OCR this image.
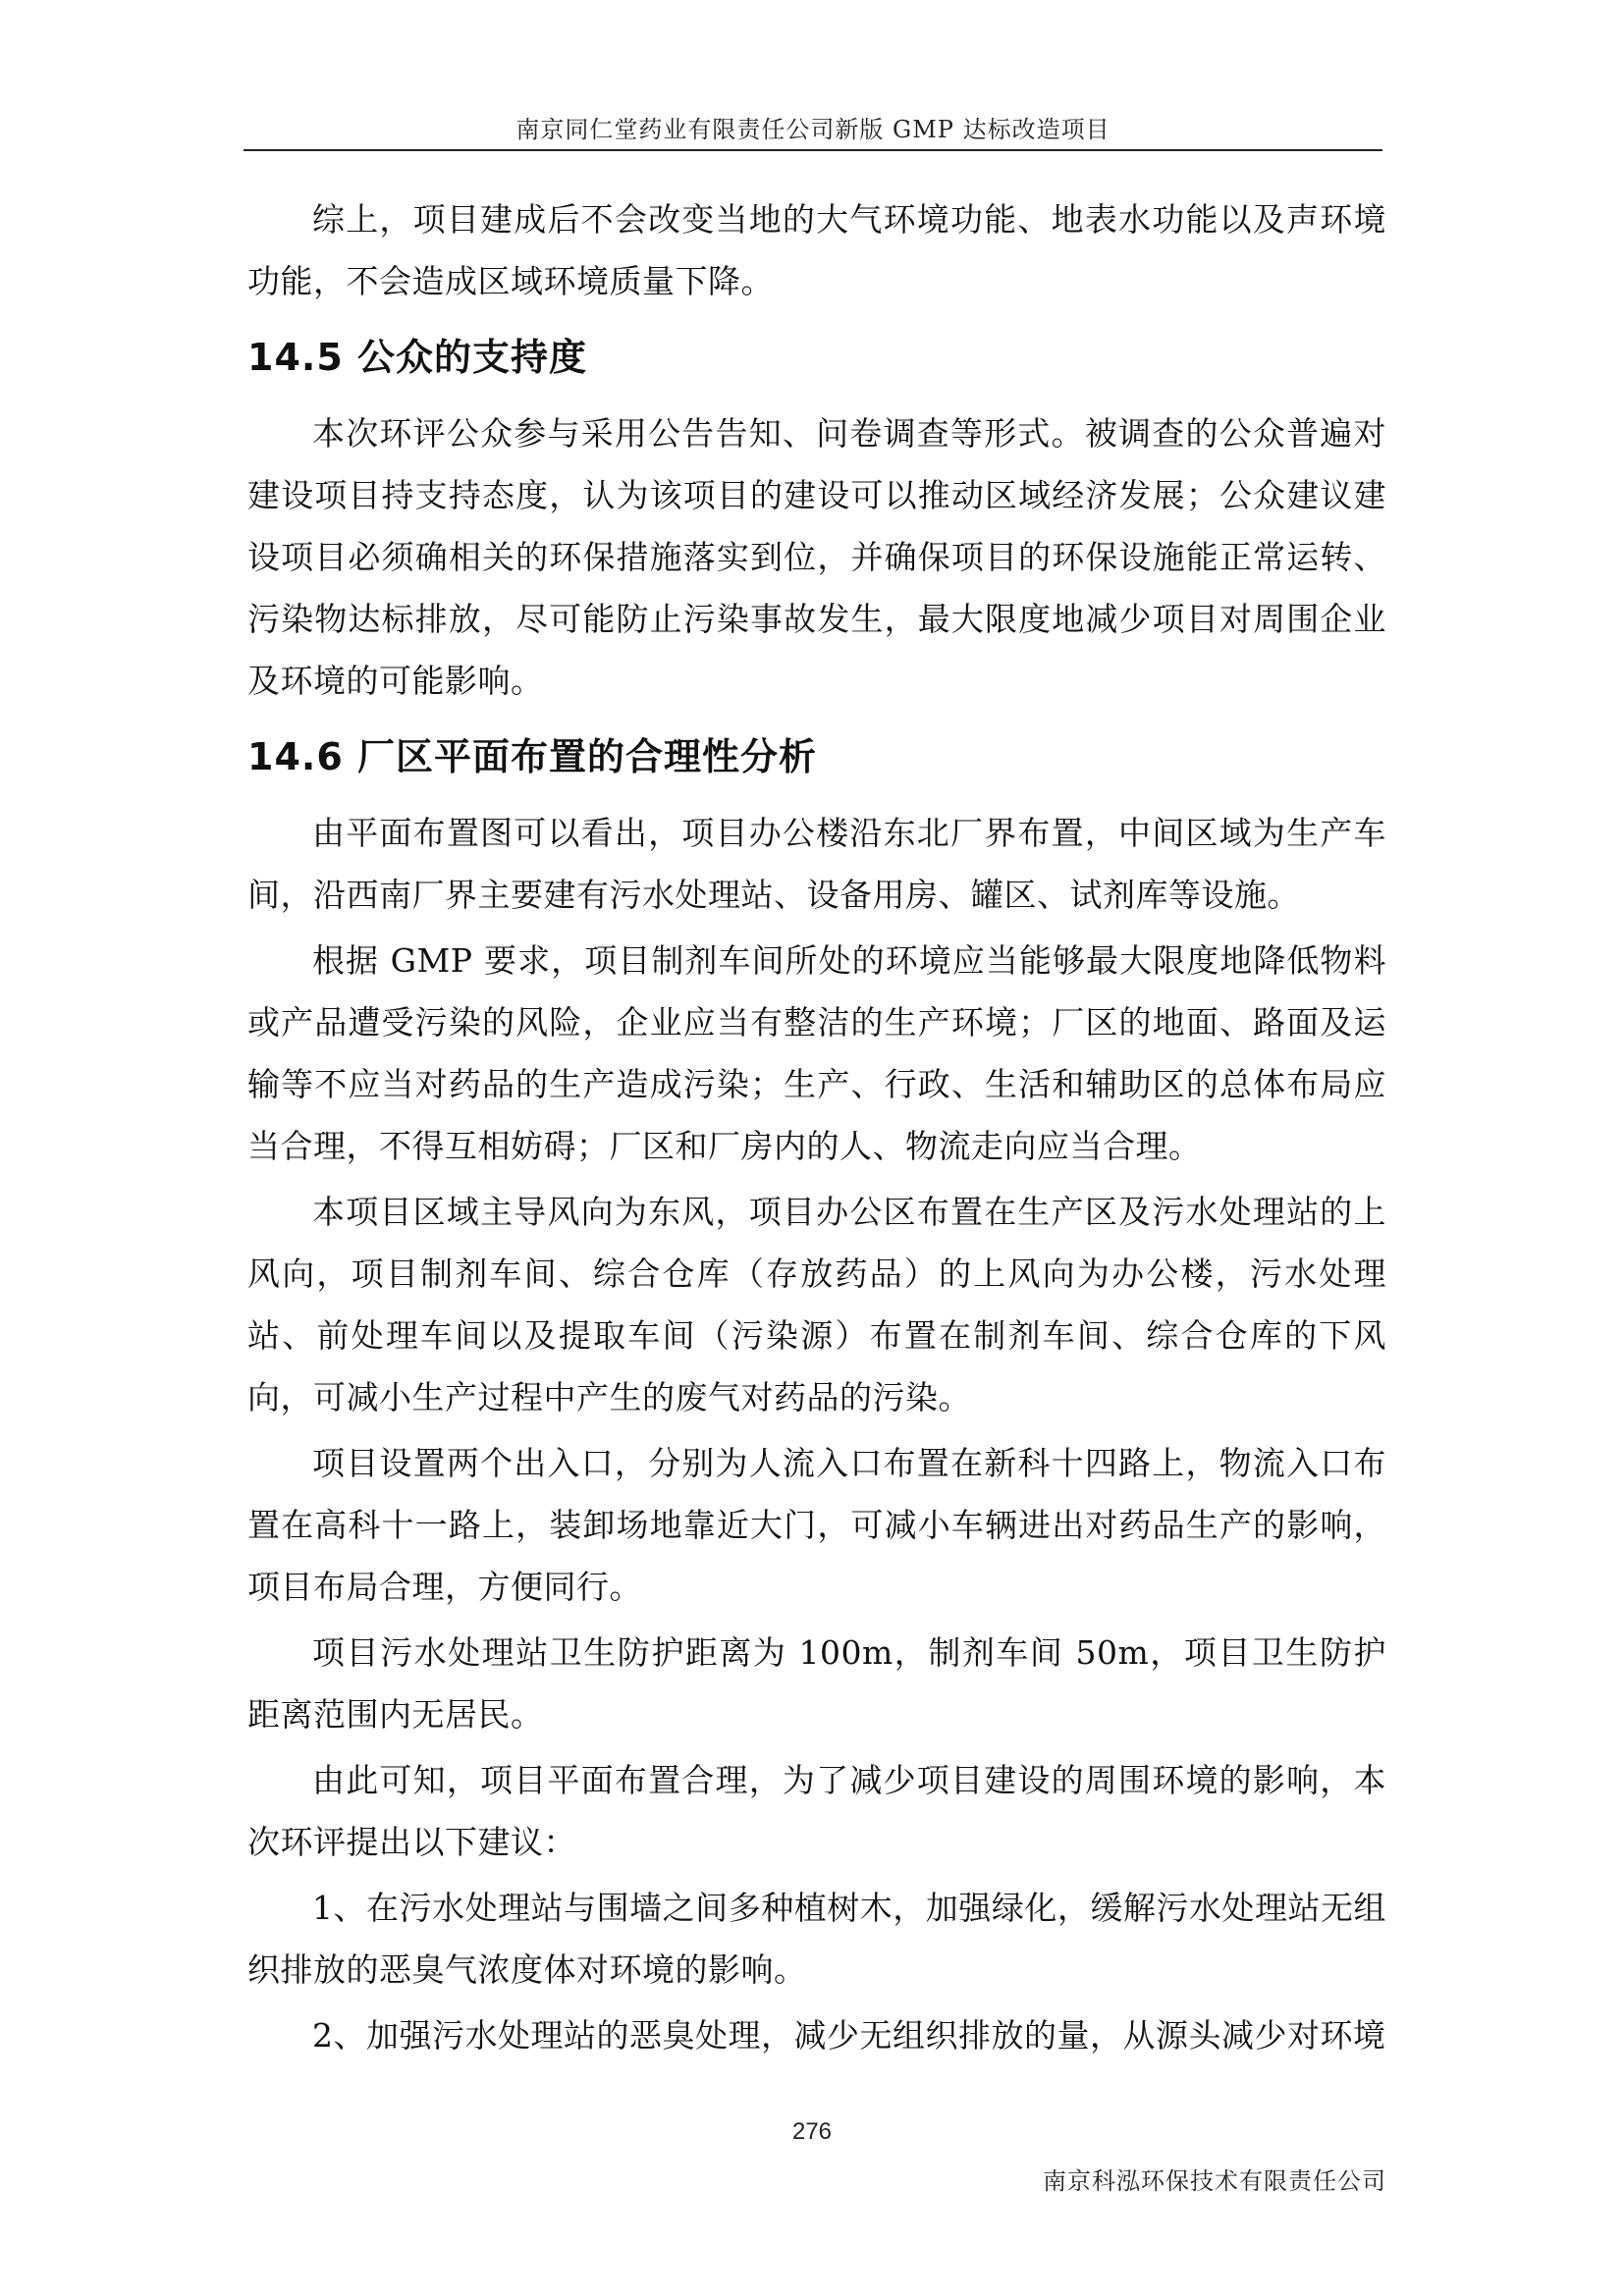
南京同仁堂药业有限责任公司新版 GMP 达标改造项目

综上，项目建成后不会改变当地的大气环境功能、地表水功能以及声环境功能，不会造成区域环境质量下降。

14.5 公众的支持度

本次环评公众参与采用公告告知、问卷调查等形式。被调查的公众普遍对建设项目持支持态度，认为该项目的建设可以推动区域经济发展；公众建议建设项目必须确相关的环保措施落实到位，并确保项目的环保设施能正常运转、污染物达标排放，尽可能防止污染事故发生，最大限度地减少项目对周围企业及环境的可能影响。

14.6 厂区平面布置的合理性分析

由平面布置图可以看出，项目办公楼沿东北厂界布置，中间区域为生产车间，沿西南厂界主要建有污水处理站、设备用房、罐区、试剂库等设施。

根据 GMP 要求，项目制剂车间所处的环境应当能够最大限度地降低物料或产品遭受污染的风险，企业应当有整洁的生产环境；厂区的地面、路面及运输等不应当对药品的生产造成污染；生产、行政、生活和辅助区的总体布局应当合理，不得互相妨碍；厂区和厂房内的人、物流走向应当合理。

本项目区域主导风向为东风，项目办公区布置在生产区及污水处理站的上风向，项目制剂车间、综合仓库（存放药品）的上风向为办公楼，污水处理站、前处理车间以及提取车间（污染源）布置在制剂车间、综合仓库的下风向，可减小生产过程中产生的废气对药品的污染。

项目设置两个出入口，分别为人流入口布置在新科十四路上，物流入口布置在高科十一路上，装卸场地靠近大门，可减小车辆进出对药品生产的影响，项目布局合理，方便同行。

项目污水处理站卫生防护距离为 100m，制剂车间 50m，项目卫生防护距离范围内无居民。

由此可知，项目平面布置合理，为了减少项目建设的周围环境的影响，本次环评提出以下建议：

1、在污水处理站与围墙之间多种植树木，加强绿化，缓解污水处理站无组织排放的恶臭气浓度体对环境的影响。

2、加强污水处理站的恶臭处理，减少无组织排放的量，从源头减少对环境

276
南京科泓环保技术有限责任公司
